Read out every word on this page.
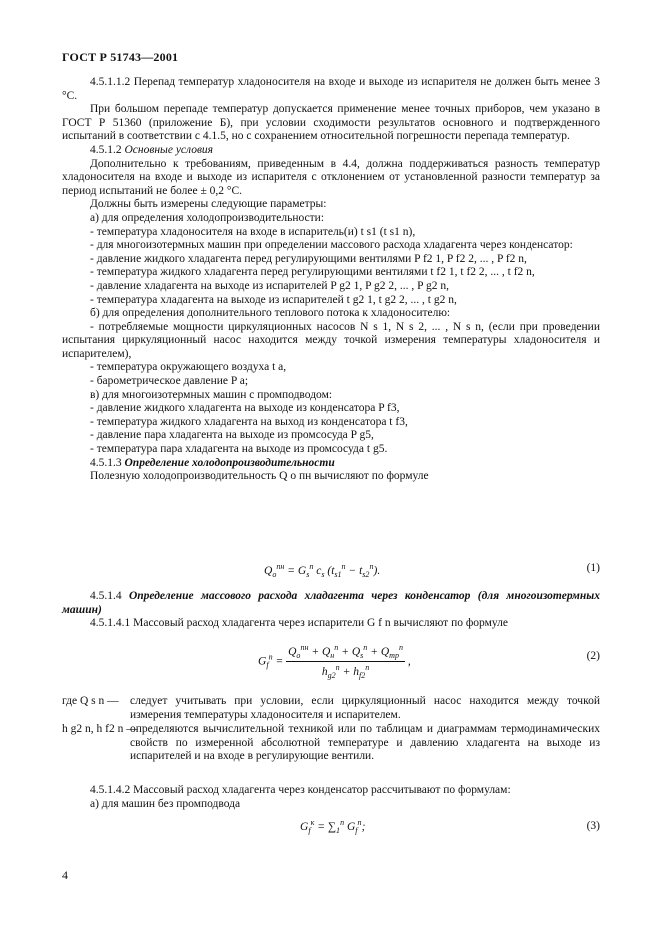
ГОСТ Р 51743—2001

4.5.1.1.2 Перепад температур хладоносителя на входе и выходе из испарителя не должен быть менее 3 °С.

При большом перепаде температур допускается применение менее точных приборов, чем указано в ГОСТ Р 51360 (приложение Б), при условии сходимости результатов основного и подтвержденного испытаний в соответствии с 4.1.5, но с сохранением относительной погрешности перепада температур.

4.5.1.2 Основные условия

Дополнительно к требованиям, приведенным в 4.4, должна поддерживаться разность температур хладоносителя на входе и выходе из испарителя с отклонением от установленной разности температур за период испытаний не более ± 0,2 °С.

Должны быть измерены следующие параметры:

а) для определения холодопроизводительности:

- температура хладоносителя на входе в испаритель(и) t s1 (t s1 n),

- для многоизотермных машин при определении массового расхода хладагента через конденсатор:

- давление жидкого хладагента перед регулирующими вентилями P f2 1, P f2 2, ... , P f2 n,

- температура жидкого хладагента перед регулирующими вентилями t f2 1, t f2 2, ... , t f2 n,

- давление хладагента на выходе из испарителей P g2 1, P g2 2, ... , P g2 n,

- температура хладагента на выходе из испарителей t g2 1, t g2 2, ... , t g2 n,

б) для определения дополнительного теплового потока к хладоносителю:

- потребляемые мощности циркуляционных насосов N s 1, N s 2, ... , N s n, (если при проведении испытания циркуляционный насос находится между точкой измерения температуры хладоносителя и испарителем),

- температура окружающего воздуха t a,

- барометрическое давление P a;

в) для многоизотермных машин с промподводом:

- давление жидкого хладагента на выходе из конденсатора P f3,

- температура жидкого хладагента на выход из конденсатора t f3,

- давление пара хладагента на выходе из промсосуда P g5,

- температура пара хладагента на выходе из промсосуда t g5.

4.5.1.3 Определение холодопроизводительности

Полезную холодопроизводительность Q o пн вычисляют по формуле

$Q_o^{пн} = G_s^п$ $c_s$ $(t_{s1}^п - t_{s2}^п)$.	(1)

4.5.1.4 Определение массового расхода хладагента через конденсатор (для многоизотермных машин)

4.5.1.4.1 Массовый расход хладагента через испарители G f n вычисляют по формуле

$G_f^п = \frac{Q_o^{пн} + Q_н^п + Q_s^п + Q_{тр}^п}{h_{g2}^п + h_{f2}^п}$ ,	(2)
где Q s n — следует учитывать при условии, если циркуляционный насос находится между точкой измерения температуры хладоносителя и испарителем.
h g2 n, h f2 n —
определяются вычислительной техникой или по таблицам и диаграммам термодинамических свойств по измеренной абсолютной температуре и давлению хладагента на выходе из испарителей и на входе в регулирующие вентили.

4.5.1.4.2 Массовый расход хладагента через конденсатор рассчитывают по формулам:

а) для машин без промподвода

$G_f^к = \sum_1^n$ $G_f^п$;	(3)
4
